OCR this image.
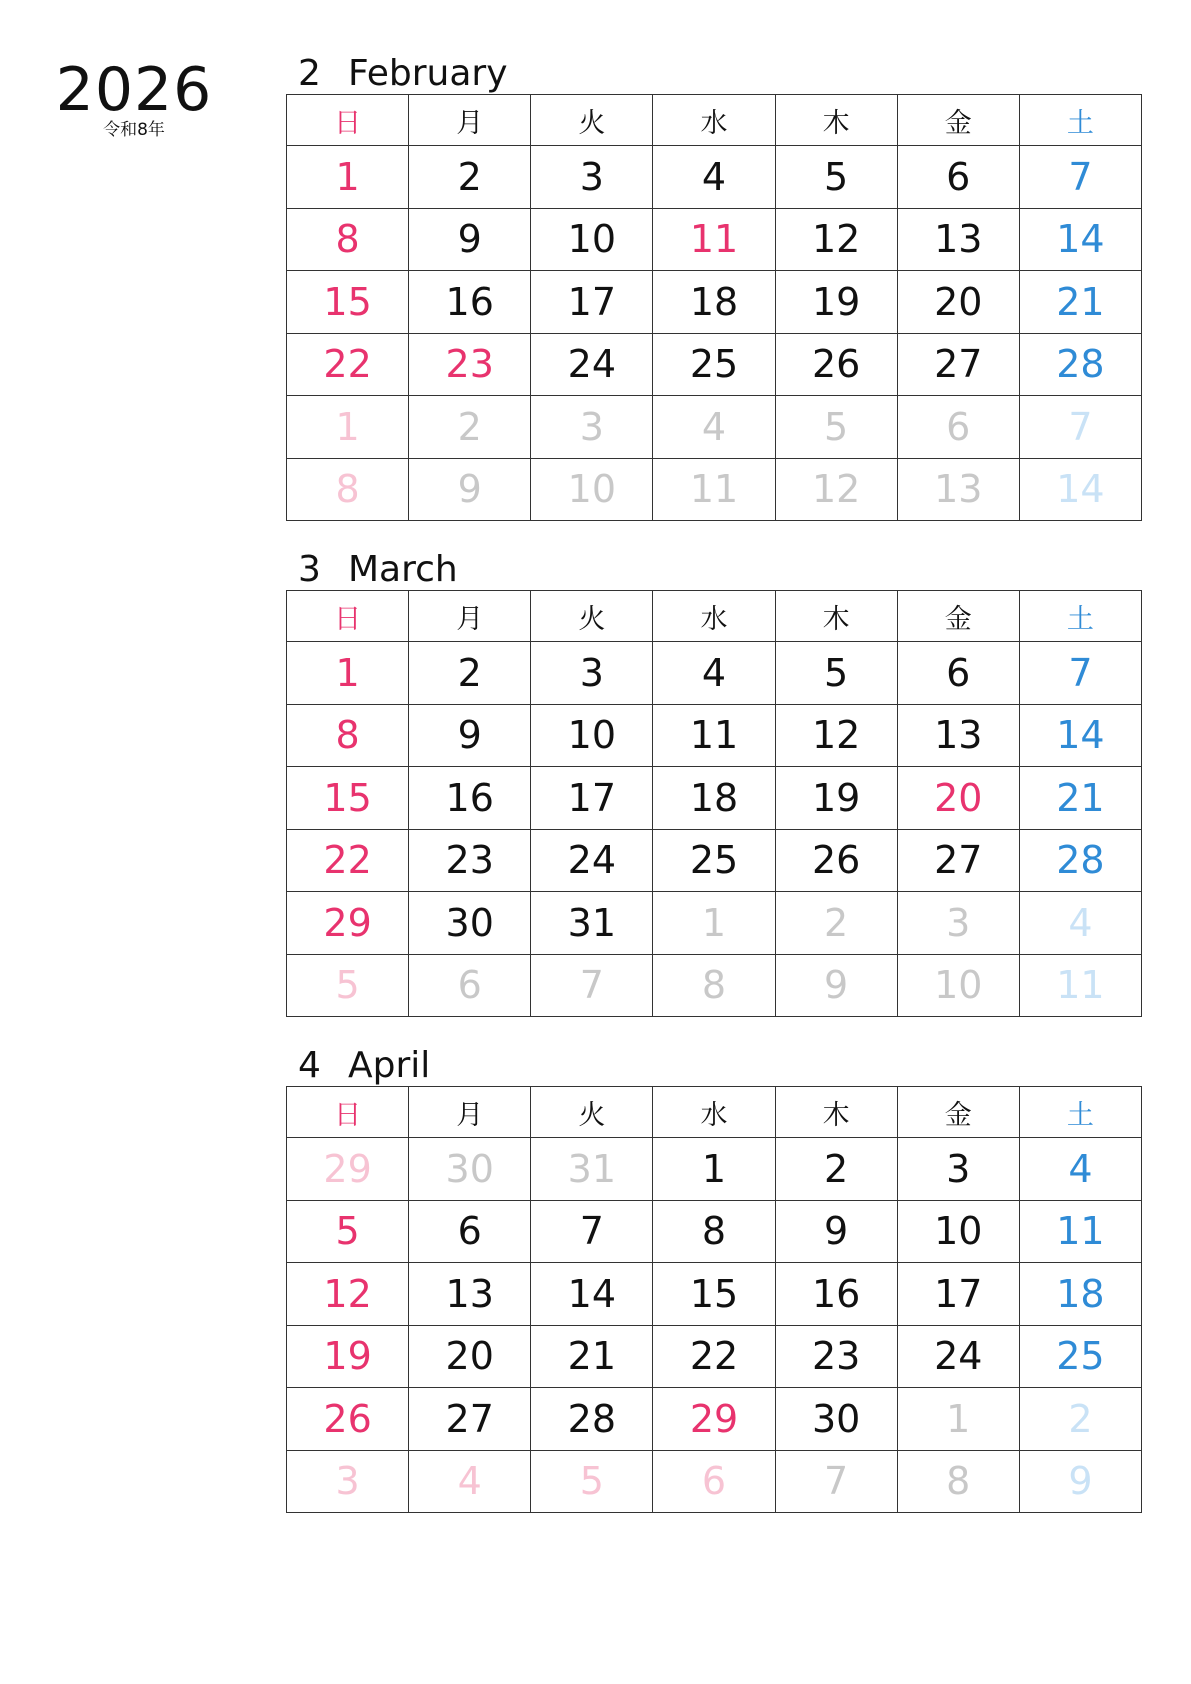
2026
令和8年
2 February
日	月	火	水	木	金	土
1	2	3	4	5	6	7
8	9	10	11	12	13	14
15	16	17	18	19	20	21
22	23	24	25	26	27	28
1	2	3	4	5	6	7
8	9	10	11	12	13	14
3 March
日	月	火	水	木	金	土
1	2	3	4	5	6	7
8	9	10	11	12	13	14
15	16	17	18	19	20	21
22	23	24	25	26	27	28
29	30	31	1	2	3	4
5	6	7	8	9	10	11
4 April
日	月	火	水	木	金	土
29	30	31	1	2	3	4
5	6	7	8	9	10	11
12	13	14	15	16	17	18
19	20	21	22	23	24	25
26	27	28	29	30	1	2
3	4	5	6	7	8	9
